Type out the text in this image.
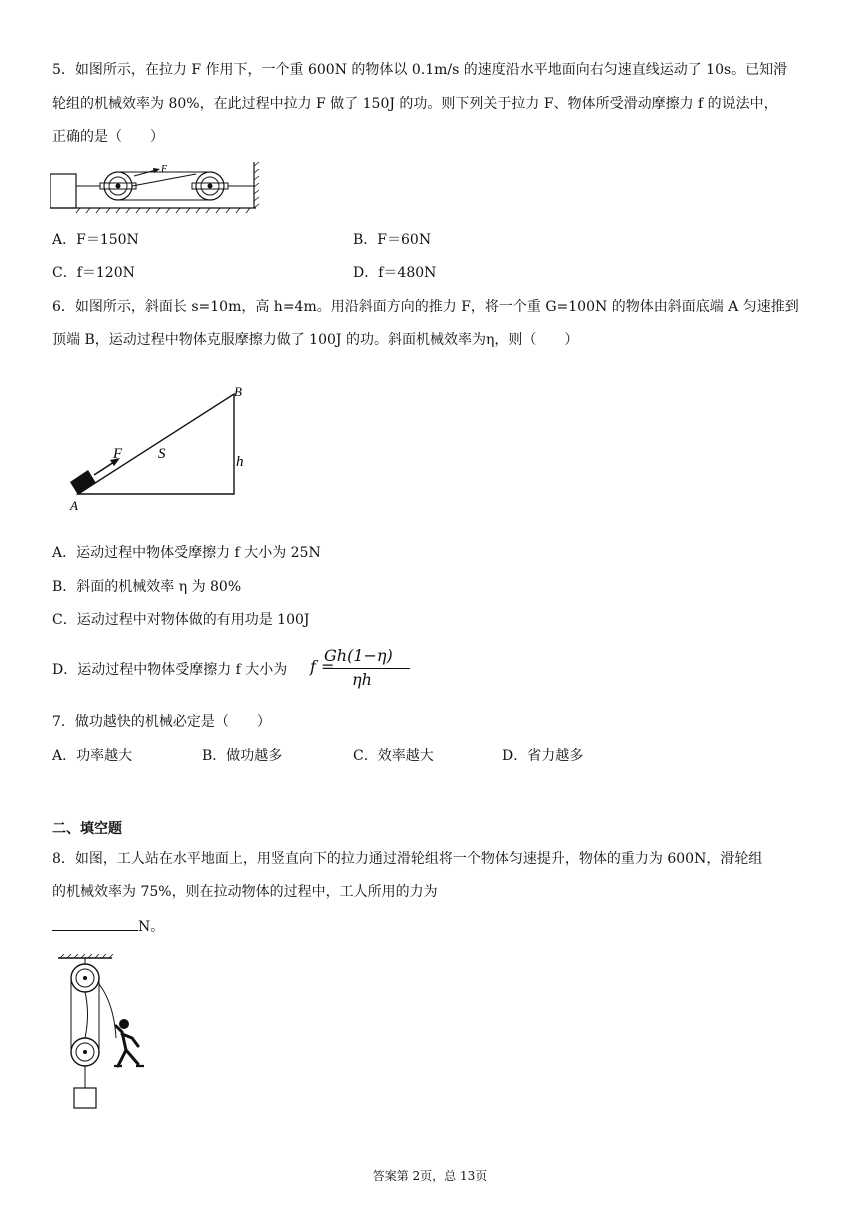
5．如图所示，在拉力 F 作用下，一个重 600N 的物体以 0.1m/s 的速度沿水平地面向右匀速直线运动了 10s。已知滑
轮组的机械效率为 80%，在此过程中拉力 F 做了 150J 的功。则下列关于拉力 F、物体所受滑动摩擦力 f 的说法中，
正确的是（　　）
F
A．F＝150N	B．F＝60N
C．f＝120N	D．f＝480N
6．如图所示，斜面长 s=10m，高 h=4m。用沿斜面方向的推力 F，将一个重 G=100N 的物体由斜面底端 A 匀速推到
顶端 B，运动过程中物体克服摩擦力做了 100J 的功。斜面机械效率为η，则（　　）
F S	h
B
A
A．运动过程中物体受摩擦力 f 大小为 25N
B．斜面的机械效率 η 为 80%
C．运动过程中对物体做的有用功是 100J
D．运动过程中物体受摩擦力 f 大小为 f =
Gh(1−η)
ηh
7．做功越快的机械必定是（　　）
A．功率越大	B．做功越多	C．效率越大	D．省力越多
二、填空题
8．如图，工人站在水平地面上，用竖直向下的拉力通过滑轮组将一个物体匀速提升，物体的重力为 600N，滑轮组
的机械效率为 75%，则在拉动物体的过程中，工人所用的力为
N。
答案第 2页，总 13页
